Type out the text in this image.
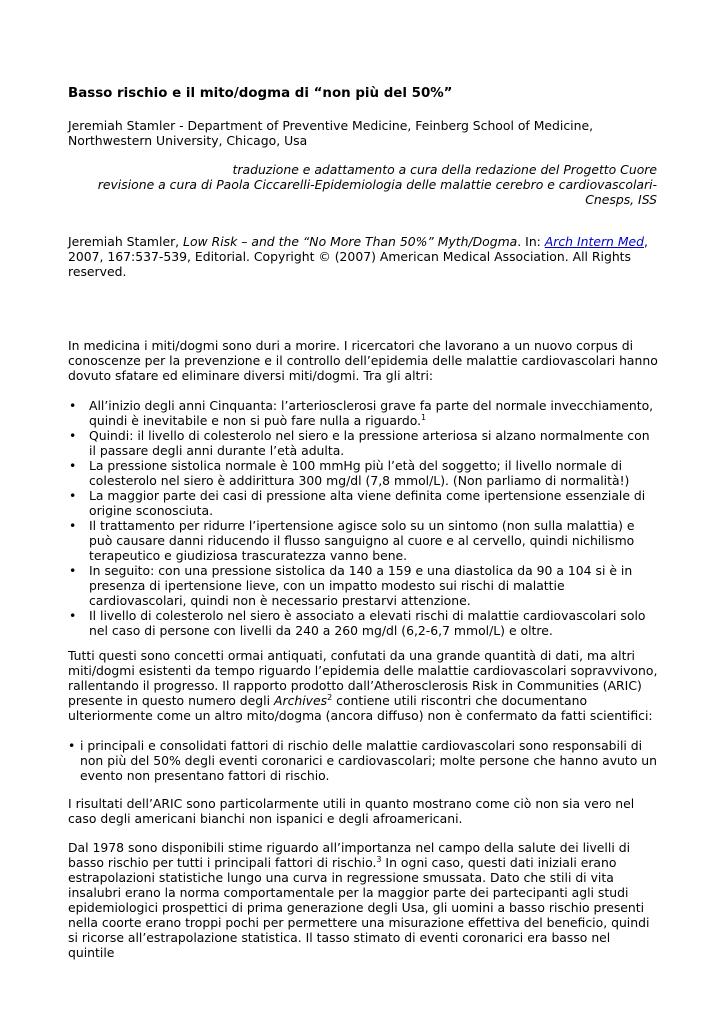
Basso rischio e il mito/dogma di “non più del 50%”

Jeremiah Stamler - Department of Preventive Medicine, Feinberg School of Medicine, Northwestern University, Chicago, Usa

traduzione e adattamento a cura della redazione del Progetto Cuore
revisione a cura di Paola Ciccarelli-Epidemiologia delle malattie cerebro e cardiovascolari-
Cnesps, ISS

Jeremiah Stamler, Low Risk – and the “No More Than 50%” Myth/Dogma. In: Arch Intern Med, 2007, 167:537-539, Editorial. Copyright © (2007) American Medical Association. All Rights reserved.

In medicina i miti/dogmi sono duri a morire. I ricercatori che lavorano a un nuovo corpus di conoscenze per la prevenzione e il controllo dell’epidemia delle malattie cardiovascolari hanno dovuto sfatare ed eliminare diversi miti/dogmi. Tra gli altri:

• All’inizio degli anni Cinquanta: l’arteriosclerosi grave fa parte del normale invecchiamento, quindi è inevitabile e non si può fare nulla a riguardo.$^1$
• Quindi: il livello di colesterolo nel siero e la pressione arteriosa si alzano normalmente con il passare degli anni durante l’età adulta.
• La pressione sistolica normale è 100 mmHg più l’età del soggetto; il livello normale di colesterolo nel siero è addirittura 300 mg/dl (7,8 mmol/L). (Non parliamo di normalità!)
• La maggior parte dei casi di pressione alta viene definita come ipertensione essenziale di origine sconosciuta.
• Il trattamento per ridurre l’ipertensione agisce solo su un sintomo (non sulla malattia) e può causare danni riducendo il flusso sanguigno al cuore e al cervello, quindi nichilismo terapeutico e giudiziosa trascuratezza vanno bene.
• In seguito: con una pressione sistolica da 140 a 159 e una diastolica da 90 a 104 si è in presenza di ipertensione lieve, con un impatto modesto sui rischi di malattie cardiovascolari, quindi non è necessario prestarvi attenzione.
• Il livello di colesterolo nel siero è associato a elevati rischi di malattie cardiovascolari solo nel caso di persone con livelli da 240 a 260 mg/dl (6,2-6,7 mmol/L) e oltre.

Tutti questi sono concetti ormai antiquati, confutati da una grande quantità di dati, ma altri miti/dogmi esistenti da tempo riguardo l’epidemia delle malattie cardiovascolari sopravvivono, rallentando il progresso. Il rapporto prodotto dall’Atherosclerosis Risk in Communities (ARIC) presente in questo numero degli Archives$^2$ contiene utili riscontri che documentano ulteriormente come un altro mito/dogma (ancora diffuso) non è confermato da fatti scientifici:

• i principali e consolidati fattori di rischio delle malattie cardiovascolari sono responsabili di non più del 50% degli eventi coronarici e cardiovascolari; molte persone che hanno avuto un evento non presentano fattori di rischio.

I risultati dell’ARIC sono particolarmente utili in quanto mostrano come ciò non sia vero nel caso degli americani bianchi non ispanici e degli afroamericani.

Dal 1978 sono disponibili stime riguardo all’importanza nel campo della salute dei livelli di basso rischio per tutti i principali fattori di rischio.$^3$ In ogni caso, questi dati iniziali erano estrapolazioni statistiche lungo una curva in regressione smussata. Dato che stili di vita insalubri erano la norma comportamentale per la maggior parte dei partecipanti agli studi epidemiologici prospettici di prima generazione degli Usa, gli uomini a basso rischio presenti nella coorte erano troppi pochi per permettere una misurazione effettiva del beneficio, quindi si ricorse all’estrapolazione statistica. Il tasso stimato di eventi coronarici era basso nel quintile
